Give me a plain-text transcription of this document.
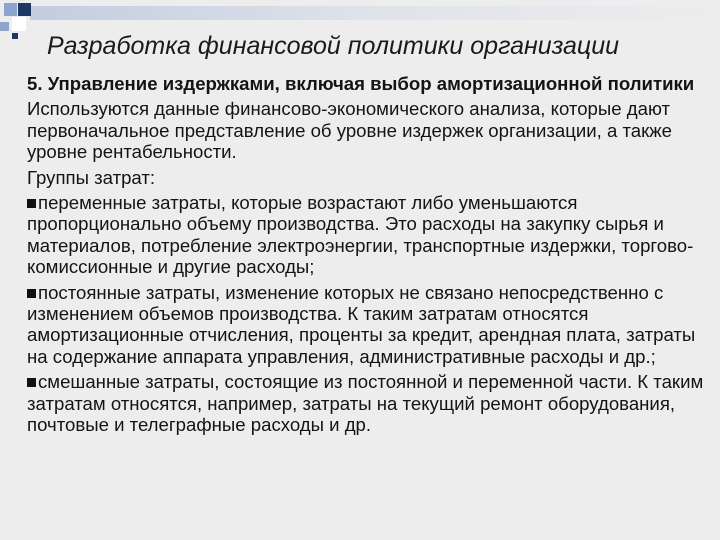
Разработка финансовой политики организации
5. Управление издержками, включая выбор амортизационной политики
Используются данные финансово-экономического анализа, которые дают первоначальное представление об уровне издержек организации, а также уровне рентабельности.
Группы затрат:
переменные затраты, которые возрастают либо уменьшаются пропорционально объему производства. Это расходы на закупку сырья и материалов, потребление электроэнергии, транспортные издержки, торгово-комиссионные и другие расходы;
постоянные затраты, изменение которых не связано непосредственно с изменением объемов производства. К таким затратам относятся амортизационные отчисления, проценты за кредит, арендная плата, затраты на содержание аппарата управления, административные расходы и др.;
смешанные затраты, состоящие из постоянной и переменной части. К таким затратам относятся, например, затраты на текущий ремонт оборудования, почтовые и телеграфные расходы и др.
